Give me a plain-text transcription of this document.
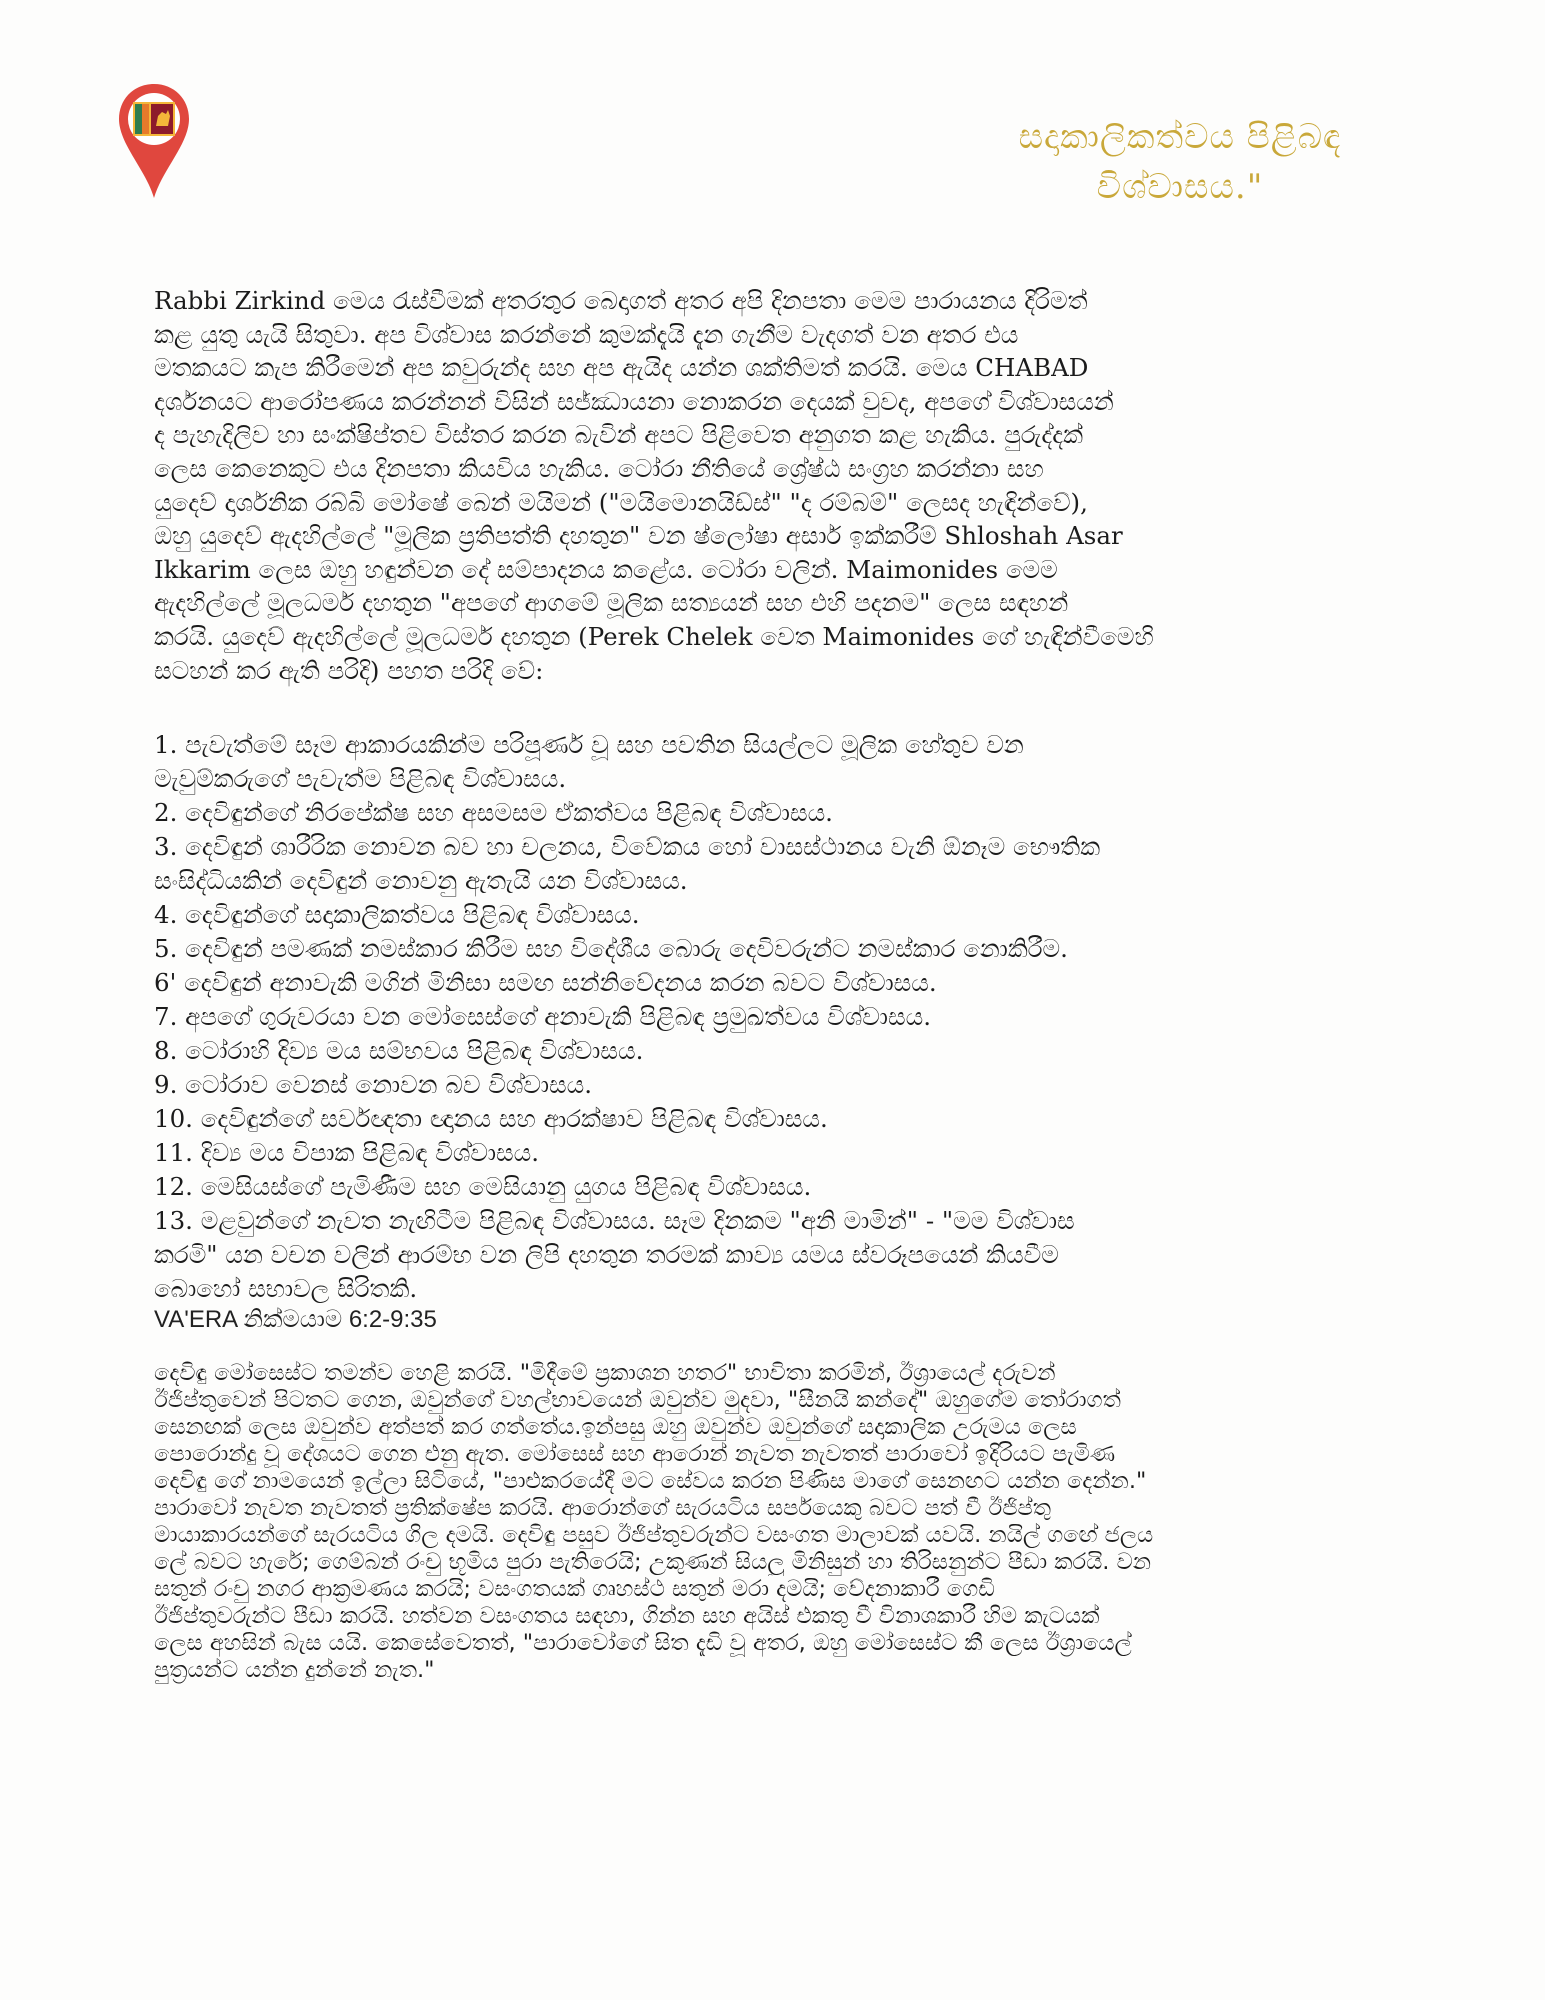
සදාකාලිකත්වය පිළිබඳ
විශ්වාසය."
Rabbi Zirkind මෙය රැස්වීමක් අතරතුර බෙදාගත් අතර අපි දිනපතා මෙම පාරායනය දිරිමත්
කළ යුතු යැයි සිතුවා. අප විශ්වාස කරන්නේ කුමක්දැයි දැන ගැනීම වැදගත් වන අතර එය
මතකයට කැප කිරීමෙන් අප කවුරුන්ද සහ අප ඇයිද යන්න ශක්තිමත් කරයි. මෙය CHABAD
දර්ශනයට ආරෝපණය කරන්නන් විසින් සජ්ඣායනා නොකරන දෙයක් වුවද, අපගේ විශ්වාසයන්
ද පැහැදිලිව හා සංක්ෂිප්තව විස්තර කරන බැවින් අපට පිළිවෙත අනුගත කළ හැකිය. පුරුද්දක්
ලෙස කෙනෙකුට එය දිනපතා කියවිය හැකිය. ටෝරා නීතියේ ශ්‍රේෂ්ඨ සංග්‍රහ කරන්නා සහ
යුදෙව් දාර්ශනික රබ්බි මෝෂේ බෙන් මයිමන් ("මයිමොනයිඩ්ස්" "ද රම්බම්" ලෙසද හැඳින්වේ),
ඔහු යුදෙව් ඇදහිල්ලේ "මූලික ප්‍රතිපත්ති දහතුන" වන ෂ්ලෝෂා අසාර් ඉක්කරීම් Shloshah Asar
Ikkarim ලෙස ඔහු හඳුන්වන දේ සම්පාදනය කළේය. ටෝරා වලින්. Maimonides මෙම
ඇදහිල්ලේ මූලධර්ම දහතුන "අපගේ ආගමේ මූලික සත්‍යයන් සහ එහි පදනම" ලෙස සඳහන්
කරයි. යුදෙව් ඇදහිල්ලේ මූලධර්ම දහතුන (Perek Chelek වෙත Maimonides ගේ හැඳින්වීමෙහි
සටහන් කර ඇති පරිදි) පහත පරිදි වේ:
1. පැවැත්මේ සෑම ආකාරයකින්ම පරිපූර්ණ වූ සහ පවතින සියල්ලට මූලික හේතුව වන
මැවුම්කරුගේ පැවැත්ම පිළිබඳ විශ්වාසය.
2. දෙවිඳුන්ගේ නිරපේක්ෂ සහ අසමසම ඒකත්වය පිළිබඳ විශ්වාසය.
3. දෙවිඳුන් ශාරීරික නොවන බව හා චලනය, විවේකය හෝ වාසස්ථානය වැනි ඕනෑම භෞතික
සංසිද්ධියකින් දෙවිඳුන් නොවනු ඇතැයි යන විශ්වාසය.
4. දෙවිඳුන්ගේ සදාකාලිකත්වය පිළිබඳ විශ්වාසය.
5. දෙවිඳුන් පමණක් නමස්කාර කිරීම සහ විදේශීය බොරු දෙවිවරුන්ට නමස්කාර නොකිරීම.
6' දෙවිඳුන් අනාවැකි මගින් මිනිසා සමඟ සන්නිවේදනය කරන බවට විශ්වාසය.
7. අපගේ ගුරුවරයා වන මෝසෙස්ගේ අනාවැකි පිළිබඳ ප්‍රමුඛත්වය විශ්වාසය.
8. ටෝරාහි දිව්‍ය මය සම්භවය පිළිබඳ විශ්වාසය.
9. ටෝරාව වෙනස් නොවන බව විශ්වාසය.
10. දෙවිඳුන්ගේ සර්වඥතා ඥානය සහ ආරක්ෂාව පිළිබඳ විශ්වාසය.
11. දිව්‍ය මය විපාක පිළිබඳ විශ්වාසය.
12. මෙසියස්ගේ පැමිණීම සහ මෙසියානු යුගය පිළිබඳ විශ්වාසය.
13. මළවුන්ගේ නැවත නැඟිටීම පිළිබඳ විශ්වාසය. සෑම දිනකම "අනි මාමින්" - "මම විශ්වාස
කරමි" යන වචන වලින් ආරම්භ වන ලිපි දහතුන තරමක් කාව්‍ය යමය ස්වරූපයෙන් කියවීම
බොහෝ සභාවල සිරිතකි.
VA'ERA නික්මයාම 6:2-9:35
දෙවිඳු මෝසෙස්ට තමන්ව හෙළි කරයි. "මිදීමේ ප්‍රකාශන හතර" භාවිතා කරමින්, ඊශ්‍රායෙල් දරුවන්
ඊජිප්තුවෙන් පිටතට ගෙන, ඔවුන්ගේ වහල්භාවයෙන් ඔවුන්ව මුදවා, "සීනයි කන්දේ" ඔහුගේම තෝරාගත්
සෙනඟක් ලෙස ඔවුන්ව අත්පත් කර ගත්තේය.ඉන්පසු ඔහු ඔවුන්ව ඔවුන්ගේ සදාකාලික උරුමය ලෙස
පොරොන්දු වූ දේශයට ගෙන එනු ඇත. මෝසෙස් සහ ආරොන් නැවත නැවතත් පාරාවෝ ඉදිරියට පැමිණ
දෙවිඳු ගේ නාමයෙන් ඉල්ලා සිටියේ, "පාළුකරයේදී මට සේවය කරන පිණිස මාගේ සෙනඟට යන්න දෙන්න."
පාරාවෝ නැවත නැවතත් ප්‍රතික්ෂේප කරයි. ආරොන්ගේ සැරයටිය සර්පයෙකු බවට පත් වී ඊජිප්තු
මායාකාරයන්ගේ සැරයටිය ගිල දමයි. දෙවිඳු පසුව ඊජිප්තුවරුන්ට වසංගත මාලාවක් යවයි. නයිල් ගඟේ ජලය
ලේ බවට හැරේ; ගෙම්බන් රංචු භූමිය පුරා පැතිරෙයි; උකුණන් සියලු මිනිසුන් හා තිරිසනුන්ට පීඩා කරයි. වන
සතුන් රංචු නගර ආක්‍රමණය කරයි; වසංගතයක් ගෘහස්ථ සතුන් මරා දමයි; වේදනාකාරී ගෙඩි
ඊජිප්තුවරුන්ට පීඩා කරයි. හත්වන වසංගතය සඳහා, ගින්න සහ අයිස් එකතු වී විනාශකාරී හිම කැටයක්
ලෙස අහසින් බැස යයි. කෙසේවෙතත්, "පාරාවෝගේ සිත දැඩි වූ අතර, ඔහු මෝසෙස්ට කී ලෙස ඊශ්‍රායෙල්
පුත්‍රයන්ට යන්න දුන්නේ නැත."
